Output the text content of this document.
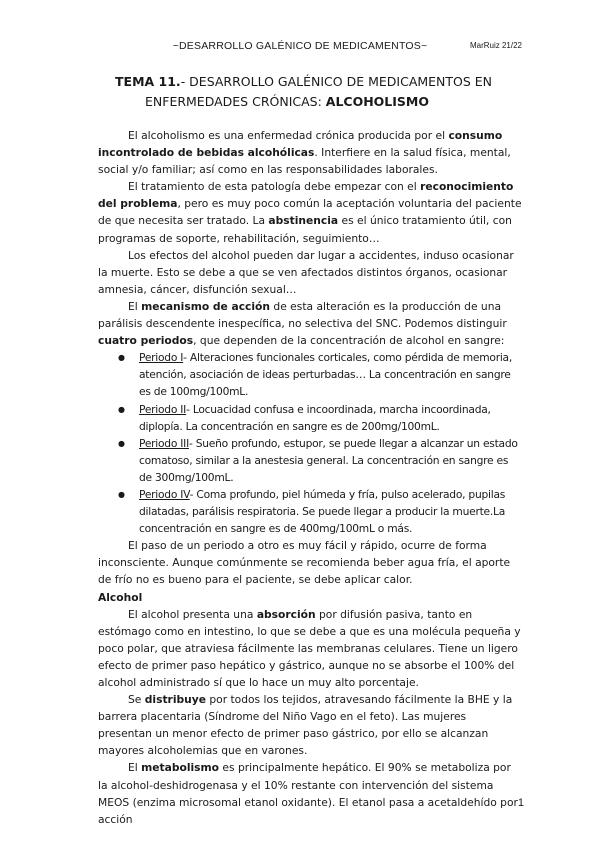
~DESARROLLO GALÉNICO DE MEDICAMENTOS~	MarRuiz 21/22
TEMA 11.- DESARROLLO GALÉNICO DE MEDICAMENTOS EN
ENFERMEDADES CRÓNICAS: ALCOHOLISMO

El alcoholismo es una enfermedad crónica producida por el consumo incontrolado de bebidas alcohólicas. Interfiere en la salud física, mental, social y/o familiar; así como en las responsabilidades laborales.

El tratamiento de esta patología debe empezar con el reconocimiento del problema, pero es muy poco común la aceptación voluntaria del paciente de que necesita ser tratado. La abstinencia es el único tratamiento útil, con programas de soporte, rehabilitación, seguimiento…

Los efectos del alcohol pueden dar lugar a accidentes, induso ocasionar la muerte. Esto se debe a que se ven afectados distintos órganos, ocasionar amnesia, cáncer, disfunción sexual…

El mecanismo de acción de esta alteración es la producción de una parálisis descendente inespecífica, no selectiva del SNC. Podemos distinguir cuatro periodos, que dependen de la concentración de alcohol en sangre:

● Periodo I- Alteraciones funcionales corticales, como pérdida de memoria, atención, asociación de ideas perturbadas… La concentración en sangre es de 100mg/100mL.
● Periodo II- Locuacidad confusa e incoordinada, marcha incoordinada, diplopía. La concentración en sangre es de 200mg/100mL.
● Periodo III- Sueño profundo, estupor, se puede llegar a alcanzar un estado comatoso, similar a la anestesia general. La concentración en sangre es de 300mg/100mL.
● Periodo IV- Coma profundo, piel húmeda y fría, pulso acelerado, pupilas dilatadas, parálisis respiratoria. Se puede llegar a producir la muerte.La concentración en sangre es de 400mg/100mL o más.

El paso de un periodo a otro es muy fácil y rápido, ocurre de forma inconsciente. Aunque comúnmente se recomienda beber agua fría, el aporte de frío no es bueno para el paciente, se debe aplicar calor.

Alcohol

El alcohol presenta una absorción por difusión pasiva, tanto en estómago como en intestino, lo que se debe a que es una molécula pequeña y poco polar, que atraviesa fácilmente las membranas celulares. Tiene un ligero efecto de primer paso hepático y gástrico, aunque no se absorbe el 100% del alcohol administrado sí que lo hace un muy alto porcentaje.

Se distribuye por todos los tejidos, atravesando fácilmente la BHE y la barrera placentaria (Síndrome del Niño Vago en el feto). Las mujeres presentan un menor efecto de primer paso gástrico, por ello se alcanzan mayores alcoholemias que en varones.

El metabolismo es principalmente hepático. El 90% se metaboliza por la alcohol-deshidrogenasa y el 10% restante con intervención del sistema MEOS (enzima microsomal etanol oxidante). El etanol pasa a acetaldehído por acción

1
